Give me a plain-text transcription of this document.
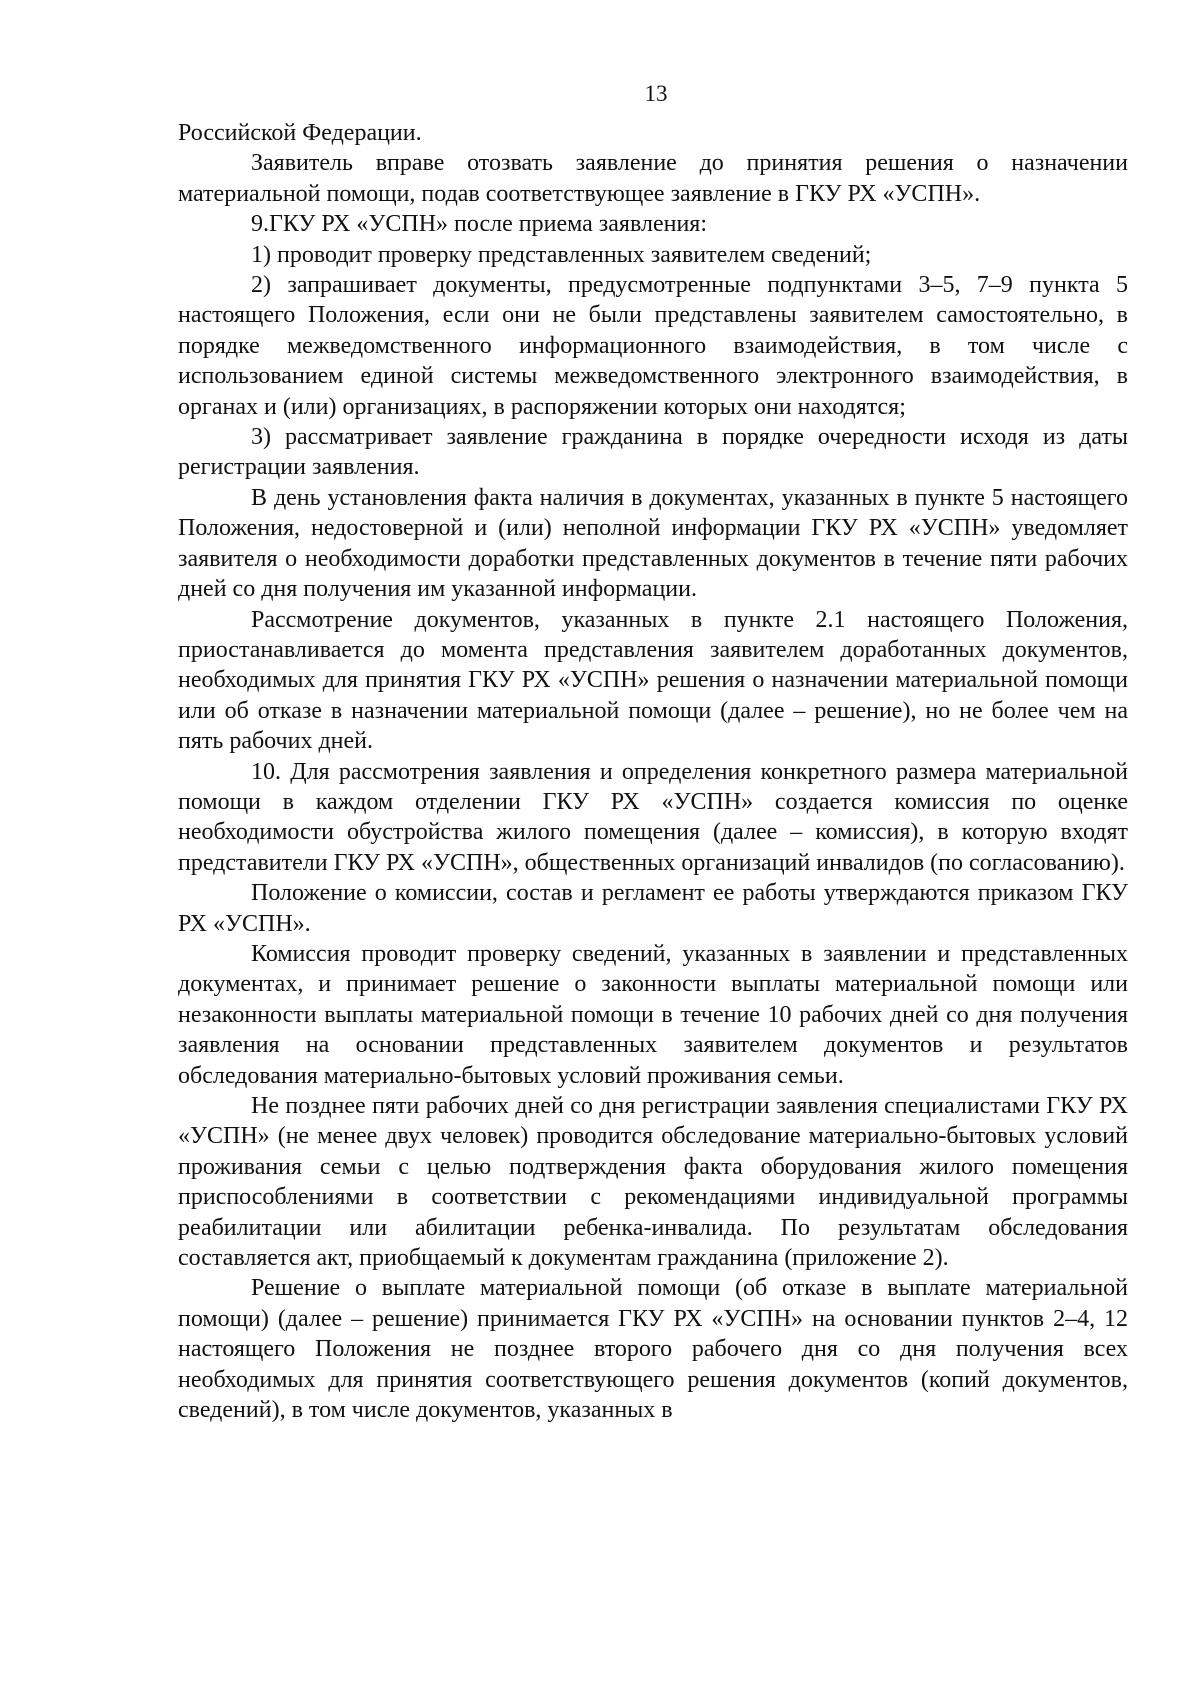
13

Российской Федерации.

Заявитель вправе отозвать заявление до принятия решения о назначении материальной помощи, подав соответствующее заявление в ГКУ РХ «УСПН».

9.ГКУ РХ «УСПН» после приема заявления:

1) проводит проверку представленных заявителем сведений;

2) запрашивает документы, предусмотренные подпунктами 3–5, 7–9 пункта 5 настоящего Положения, если они не были представлены заявителем самостоятельно, в порядке межведомственного информационного взаимодействия, в том числе с использованием единой системы межведомственного электронного взаимодействия, в органах и (или) организациях, в распоряжении которых они находятся;

3) рассматривает заявление гражданина в порядке очередности исходя из даты регистрации заявления.

В день установления факта наличия в документах, указанных в пункте 5 настоящего Положения, недостоверной и (или) неполной информации ГКУ РХ «УСПН» уведомляет заявителя о необходимости доработки представленных документов в течение пяти рабочих дней со дня получения им указанной информации.

Рассмотрение документов, указанных в пункте 2.1 настоящего Положения, приостанавливается до момента представления заявителем доработанных документов, необходимых для принятия ГКУ РХ «УСПН» решения о назначении материальной помощи или об отказе в назначении материальной помощи (далее – решение), но не более чем на пять рабочих дней.

10. Для рассмотрения заявления и определения конкретного размера материальной помощи в каждом отделении ГКУ РХ «УСПН» создается комиссия по оценке необходимости обустройства жилого помещения (далее – комиссия), в которую входят представители ГКУ РХ «УСПН», общественных организаций инвалидов (по согласованию).

Положение о комиссии, состав и регламент ее работы утверждаются приказом ГКУ РХ «УСПН».

Комиссия проводит проверку сведений, указанных в заявлении и представленных документах, и принимает решение о законности выплаты материальной помощи или незаконности выплаты материальной помощи в течение 10 рабочих дней со дня получения заявления на основании представленных заявителем документов и результатов обследования материально-бытовых условий проживания семьи.

Не позднее пяти рабочих дней со дня регистрации заявления специалистами ГКУ РХ «УСПН» (не менее двух человек) проводится обследование материально-бытовых условий проживания семьи с целью подтверждения факта оборудования жилого помещения приспособлениями в соответствии с рекомендациями индивидуальной программы реабилитации или абилитации ребенка-инвалида. По результатам обследования составляется акт, приобщаемый к документам гражданина (приложение 2).

Решение о выплате материальной помощи (об отказе в выплате материальной помощи) (далее – решение) принимается ГКУ РХ «УСПН» на основании пунктов 2–4, 12 настоящего Положения не позднее второго рабочего дня со дня получения всех необходимых для принятия соответствующего решения документов (копий документов, сведений), в том числе документов, указанных в
